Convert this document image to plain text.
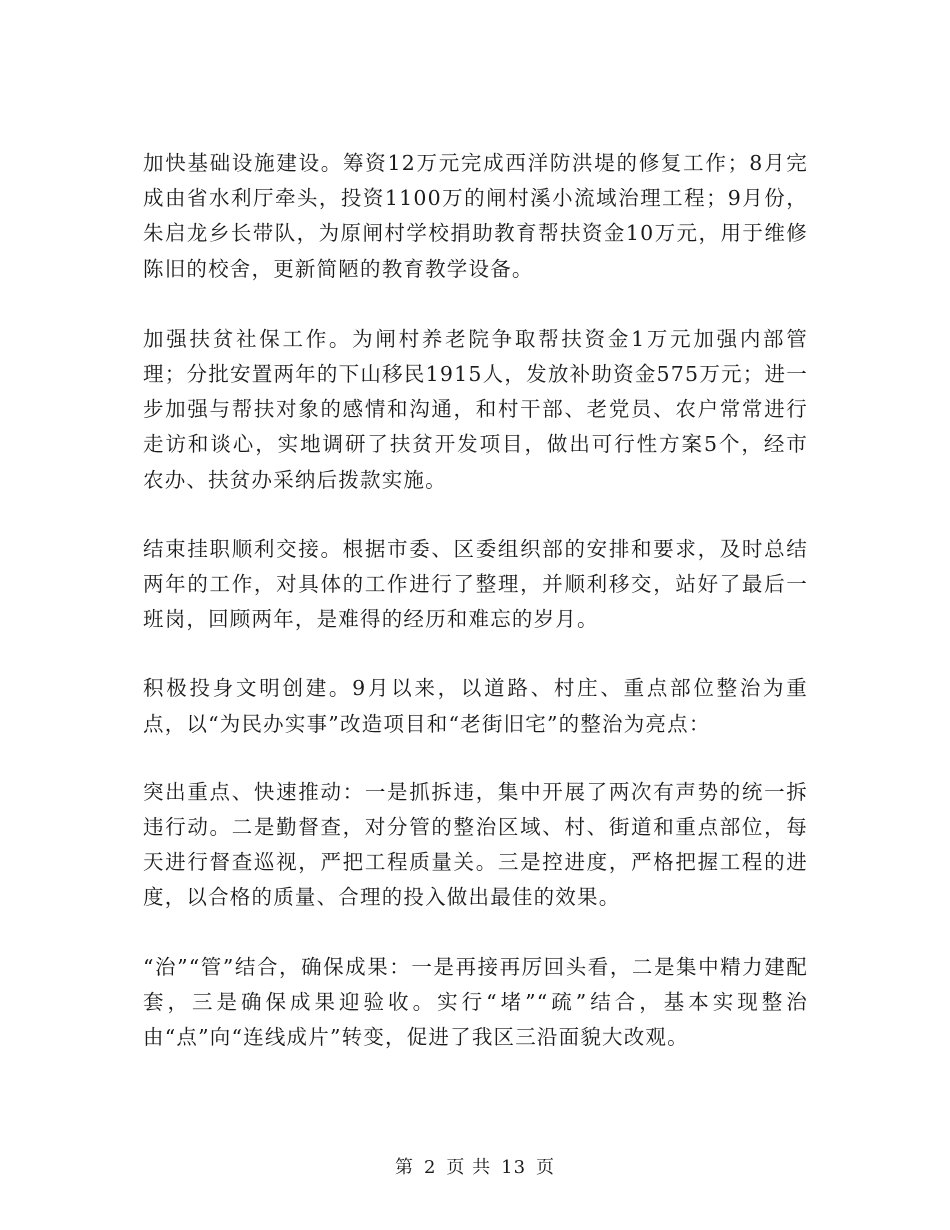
加快基础设施建设。筹资12万元完成西洋防洪堤的修复工作；8月完成由省水利厅牵头，投资1100万的闸村溪小流域治理工程；9月份，朱启龙乡长带队，为原闸村学校捐助教育帮扶资金10万元，用于维修陈旧的校舍，更新简陋的教育教学设备。

加强扶贫社保工作。为闸村养老院争取帮扶资金1万元加强内部管理；分批安置两年的下山移民1915人，发放补助资金575万元；进一步加强与帮扶对象的感情和沟通，和村干部、老党员、农户常常进行走访和谈心，实地调研了扶贫开发项目，做出可行性方案5个，经市农办、扶贫办采纳后拨款实施。

结束挂职顺利交接。根据市委、区委组织部的安排和要求，及时总结两年的工作，对具体的工作进行了整理，并顺利移交，站好了最后一班岗，回顾两年，是难得的经历和难忘的岁月。

积极投身文明创建。9月以来，以道路、村庄、重点部位整治为重点，以“为民办实事”改造项目和“老街旧宅”的整治为亮点：

突出重点、快速推动：一是抓拆违，集中开展了两次有声势的统一拆违行动。二是勤督查，对分管的整治区域、村、街道和重点部位，每天进行督查巡视，严把工程质量关。三是控进度，严格把握工程的进度，以合格的质量、合理的投入做出最佳的效果。

“治”“管”结合，确保成果：一是再接再厉回头看，二是集中精力建配套，三是确保成果迎验收。实行“堵”“疏”结合，基本实现整治由“点”向“连线成片”转变，促进了我区三沿面貌大改观。

第 2 页 共 13 页
